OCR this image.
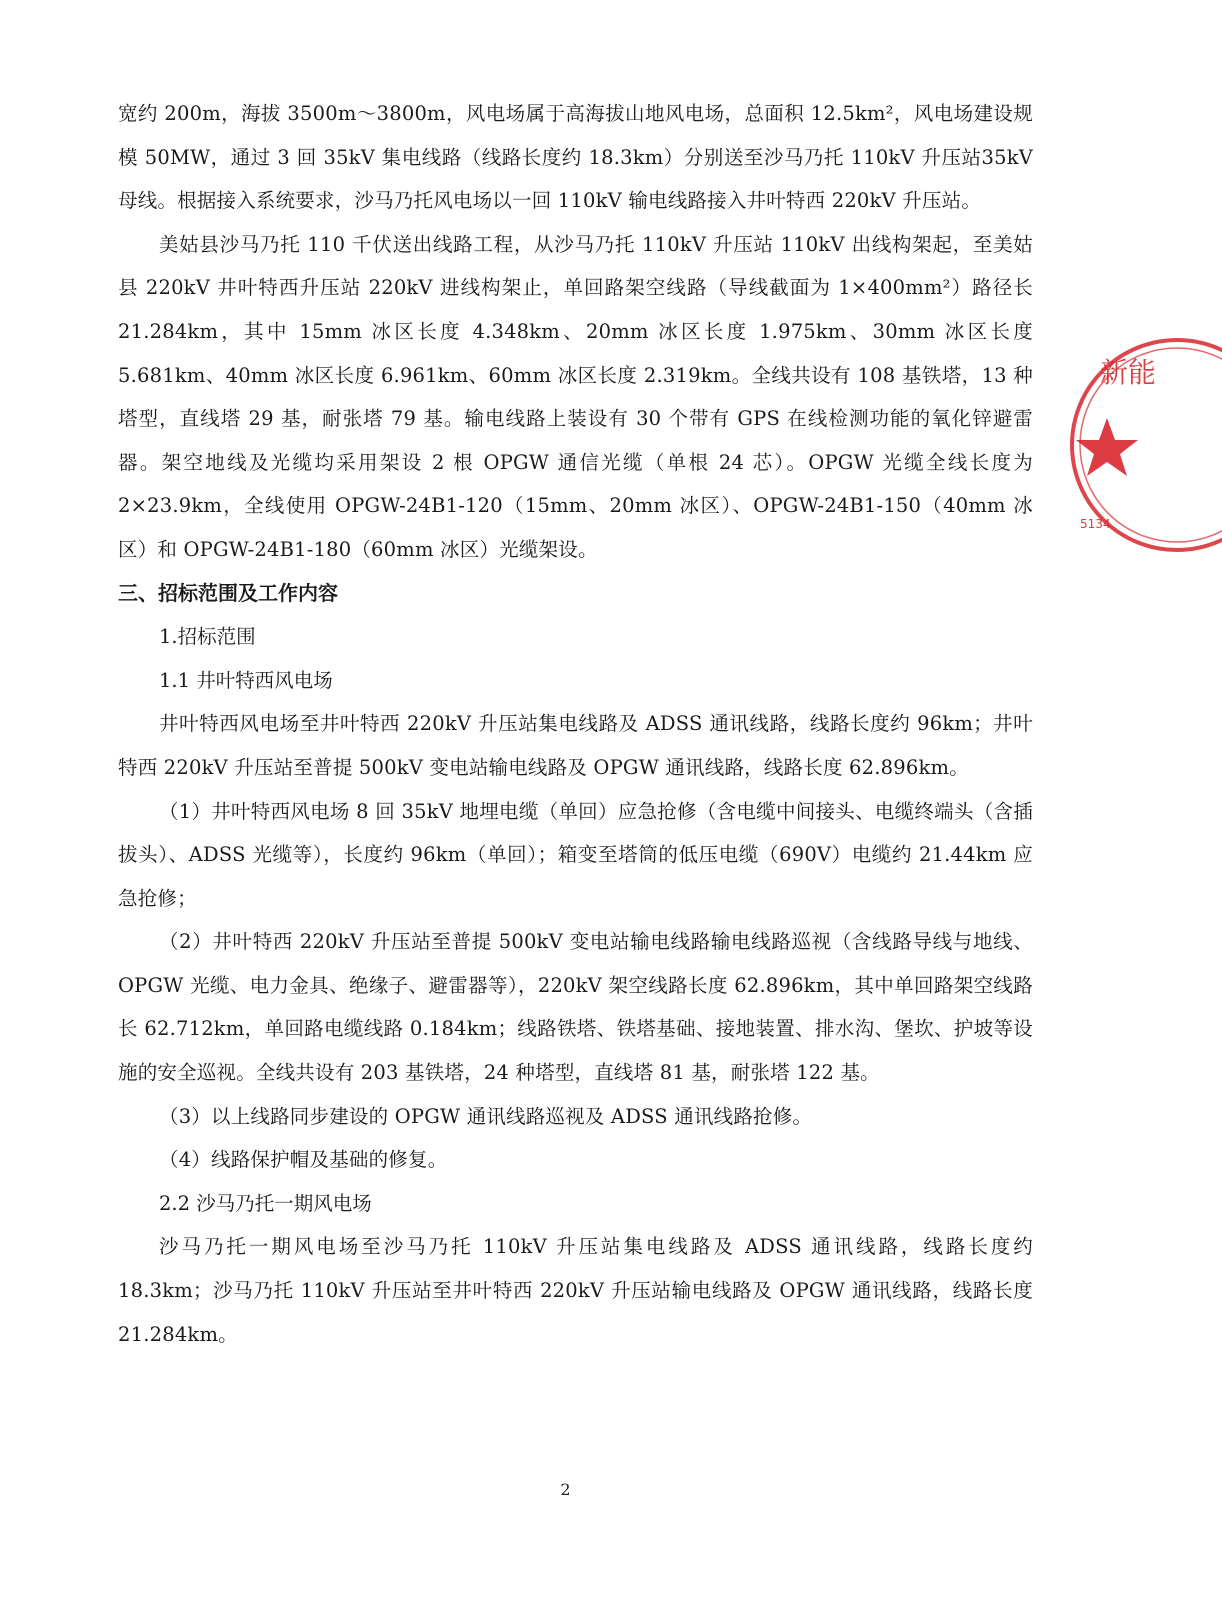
宽约 200m，海拔 3500m～3800m，风电场属于高海拔山地风电场，总面积 12.5km²，风电场建设规模 50MW，通过 3 回 35kV 集电线路（线路长度约 18.3km）分别送至沙马乃托 110kV 升压站35kV 母线。根据接入系统要求，沙马乃托风电场以一回 110kV 输电线路接入井叶特西 220kV 升压站。

美姑县沙马乃托 110 千伏送出线路工程，从沙马乃托 110kV 升压站 110kV 出线构架起，至美姑县 220kV 井叶特西升压站 220kV 进线构架止，单回路架空线路（导线截面为 1×400mm²）路径长 21.284km，其中 15mm 冰区长度 4.348km、20mm 冰区长度 1.975km、30mm 冰区长度 5.681km、40mm 冰区长度 6.961km、60mm 冰区长度 2.319km。全线共设有 108 基铁塔，13 种塔型，直线塔 29 基，耐张塔 79 基。输电线路上装设有 30 个带有 GPS 在线检测功能的氧化锌避雷器。架空地线及光缆均采用架设 2 根 OPGW 通信光缆（单根 24 芯）。OPGW 光缆全线长度为 2×23.9km，全线使用 OPGW-24B1-120（15mm、20mm 冰区）、OPGW-24B1-150（40mm 冰区）和 OPGW-24B1-180（60mm 冰区）光缆架设。

三、招标范围及工作内容

1.招标范围

1.1 井叶特西风电场

井叶特西风电场至井叶特西 220kV 升压站集电线路及 ADSS 通讯线路，线路长度约 96km；井叶特西 220kV 升压站至普提 500kV 变电站输电线路及 OPGW 通讯线路，线路长度 62.896km。

（1）井叶特西风电场 8 回 35kV 地埋电缆（单回）应急抢修（含电缆中间接头、电缆终端头（含插拔头）、ADSS 光缆等），长度约 96km（单回）；箱变至塔筒的低压电缆（690V）电缆约 21.44km 应急抢修；

（2）井叶特西 220kV 升压站至普提 500kV 变电站输电线路输电线路巡视（含线路导线与地线、OPGW 光缆、电力金具、绝缘子、避雷器等），220kV 架空线路长度 62.896km，其中单回路架空线路长 62.712km，单回路电缆线路 0.184km；线路铁塔、铁塔基础、接地装置、排水沟、堡坎、护坡等设施的安全巡视。全线共设有 203 基铁塔，24 种塔型，直线塔 81 基，耐张塔 122 基。

（3）以上线路同步建设的 OPGW 通讯线路巡视及 ADSS 通讯线路抢修。

（4）线路保护帽及基础的修复。

2.2 沙马乃托一期风电场

沙马乃托一期风电场至沙马乃托 110kV 升压站集电线路及 ADSS 通讯线路，线路长度约 18.3km；沙马乃托 110kV 升压站至井叶特西 220kV 升压站输电线路及 OPGW 通讯线路，线路长度 21.284km。

2
新能
5134
